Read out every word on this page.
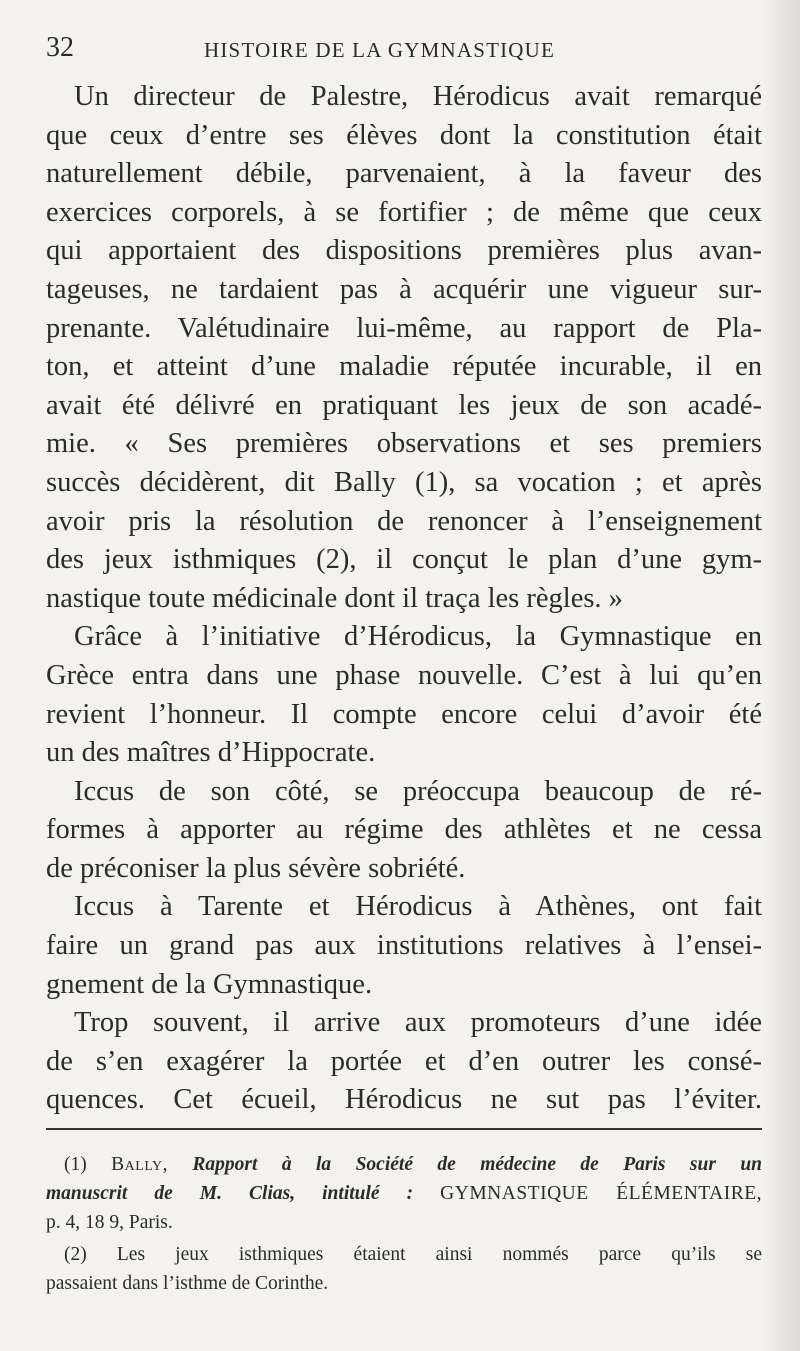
32	HISTOIRE DE LA GYMNASTIQUE
Un directeur de Palestre, Hérodicus avait remarqué
que ceux d’entre ses élèves dont la constitution était
naturellement débile, parvenaient, à la faveur des
exercices corporels, à se fortifier ; de même que ceux
qui apportaient des dispositions premières plus avan-
tageuses, ne tardaient pas à acquérir une vigueur sur-
prenante. Valétudinaire lui-même, au rapport de Pla-
ton, et atteint d’une maladie réputée incurable, il en
avait été délivré en pratiquant les jeux de son acadé-
mie. « Ses premières observations et ses premiers
succès décidèrent, dit Bally (1), sa vocation ; et après
avoir pris la résolution de renoncer à l’enseignement
des jeux isthmiques (2), il conçut le plan d’une gym-
nastique toute médicinale dont il traça les règles. »
Grâce à l’initiative d’Hérodicus, la Gymnastique en
Grèce entra dans une phase nouvelle. C’est à lui qu’en
revient l’honneur. Il compte encore celui d’avoir été
un des maîtres d’Hippocrate.
Iccus de son côté, se préoccupa beaucoup de ré-
formes à apporter au régime des athlètes et ne cessa
de préconiser la plus sévère sobriété.
Iccus à Tarente et Hérodicus à Athènes, ont fait
faire un grand pas aux institutions relatives à l’ensei-
gnement de la Gymnastique.
Trop souvent, il arrive aux promoteurs d’une idée
de s’en exagérer la portée et d’en outrer les consé-
quences. Cet écueil, Hérodicus ne sut pas l’éviter.
(1) Bally, Rapport à la Société de médecine de Paris sur un
manuscrit de M. Clias, intitulé : GYMNASTIQUE ÉLÉMENTAIRE,
p. 4, 18 9, Paris.
(2) Les jeux isthmiques étaient ainsi nommés parce qu’ils se
passaient dans l’isthme de Corinthe.
